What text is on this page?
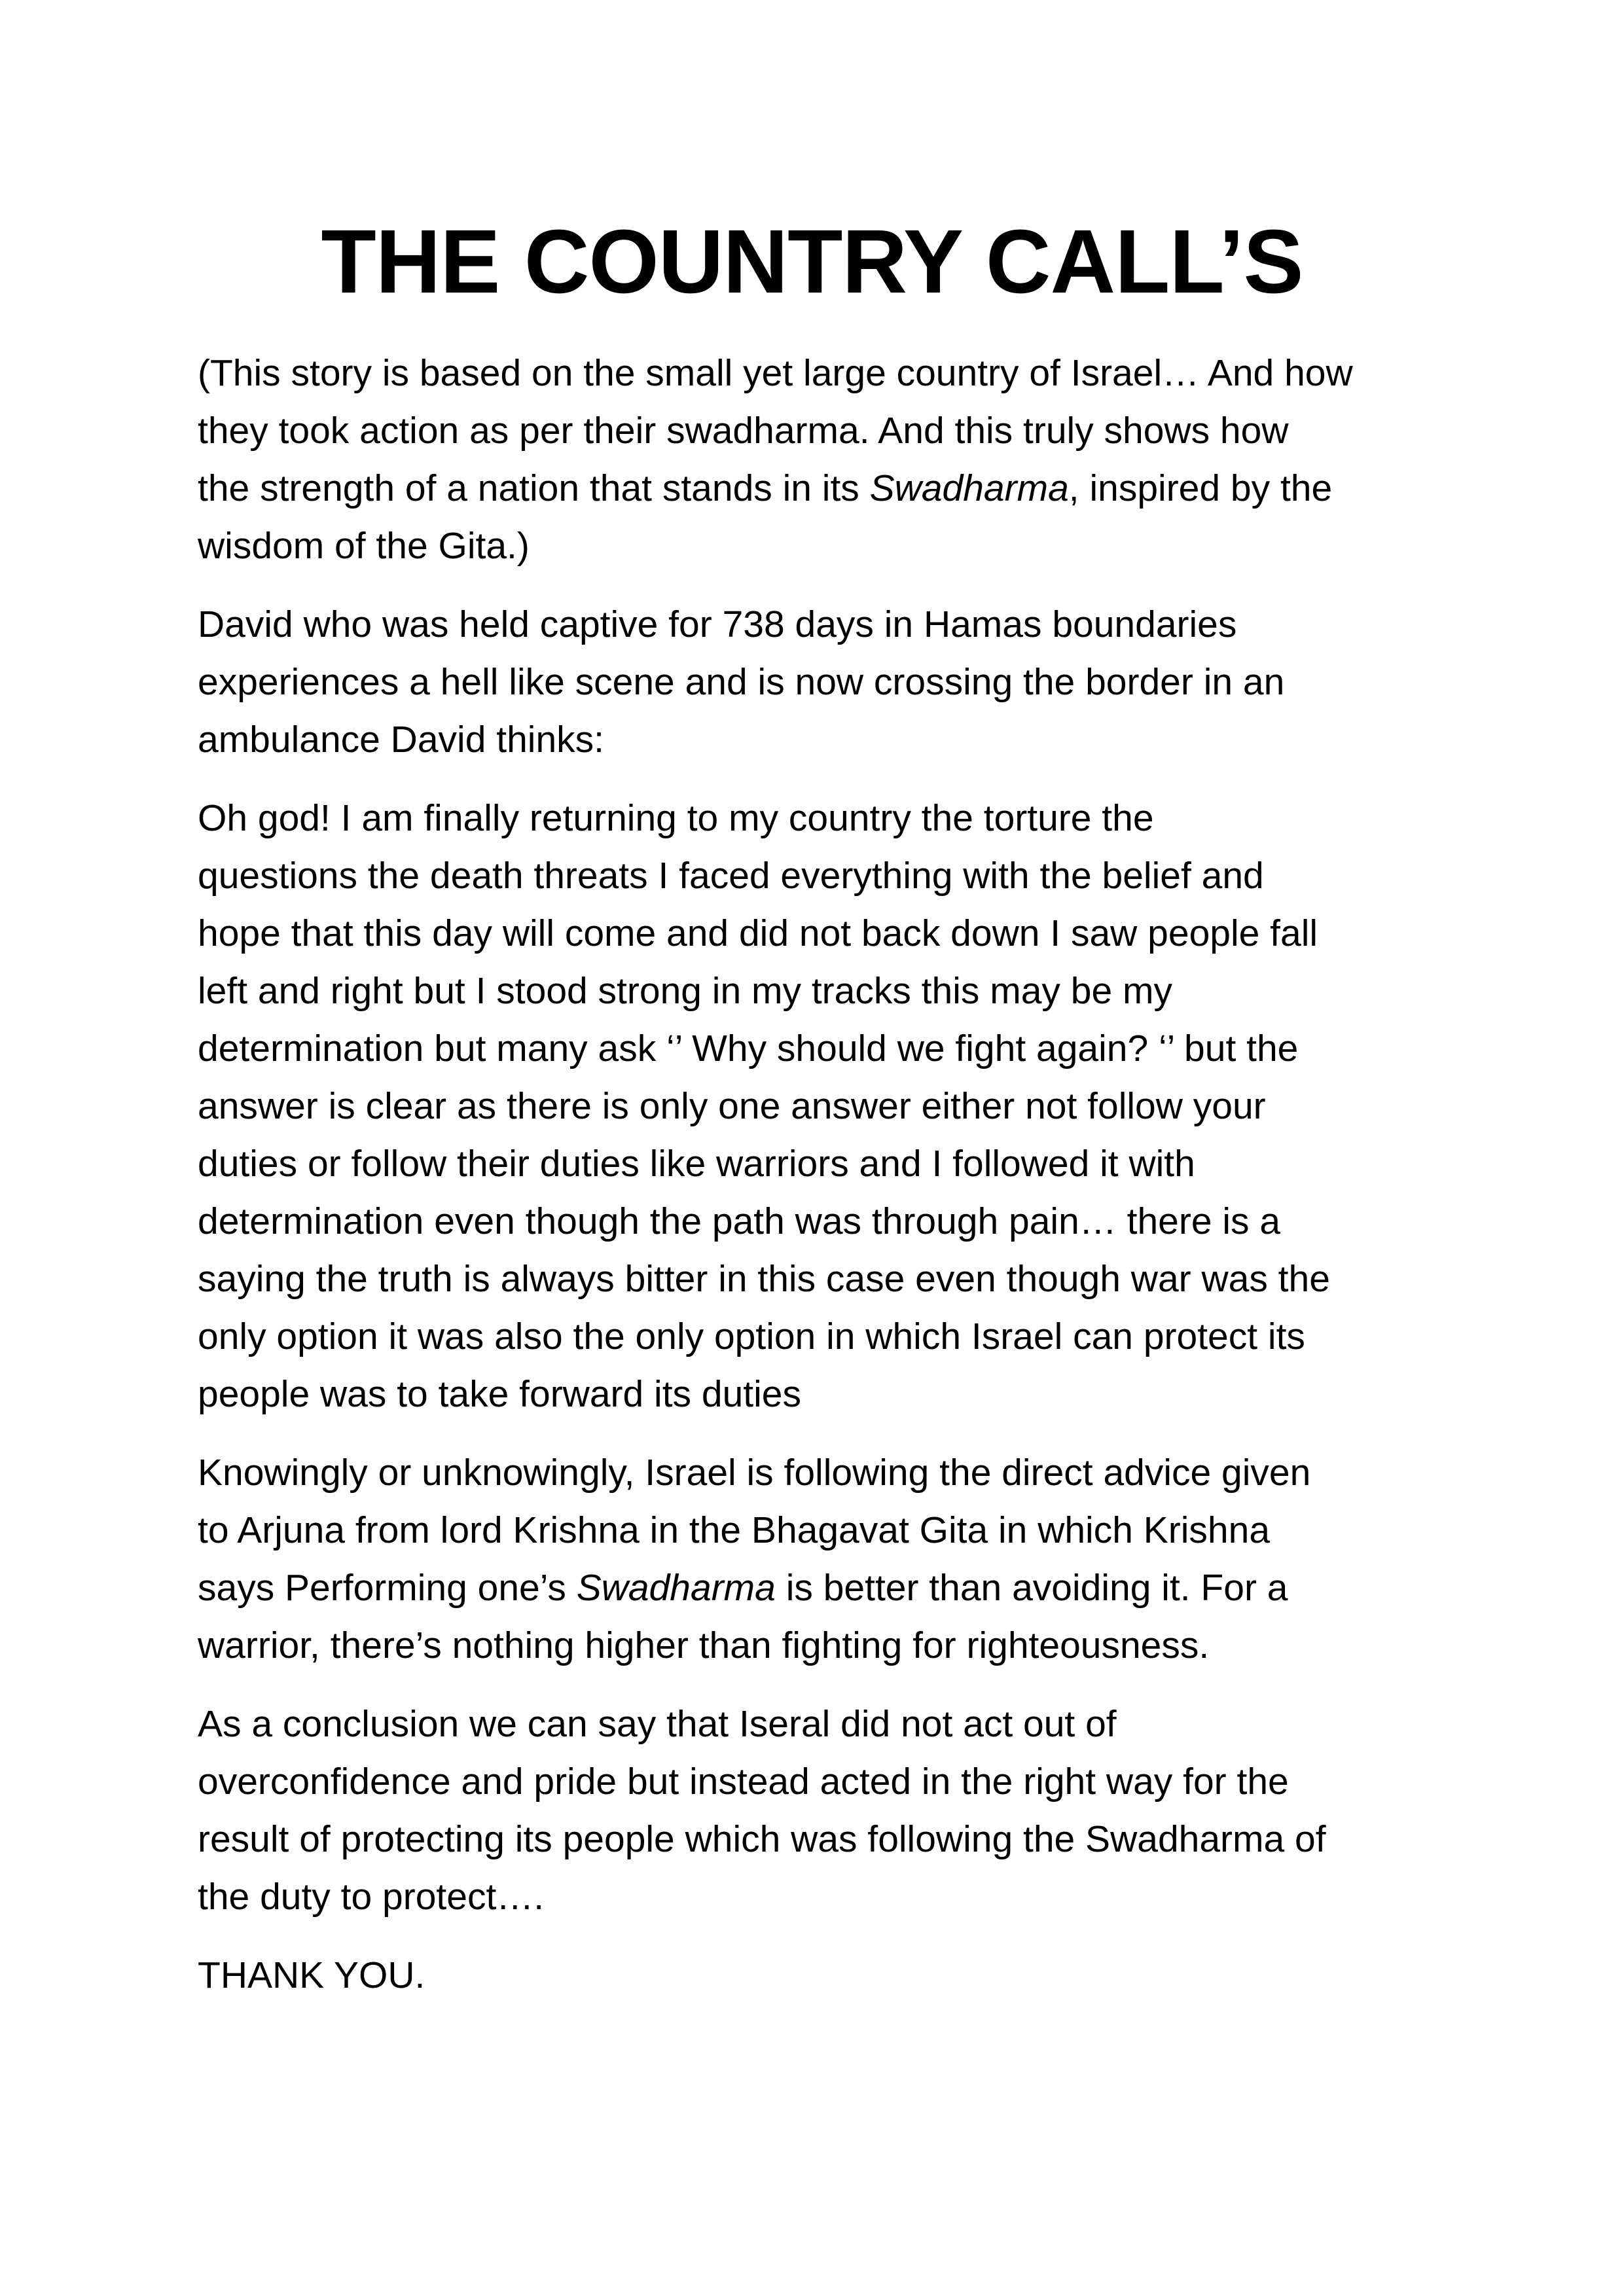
THE COUNTRY CALL’S

(This story is based on the small yet large country of Israel… And how
they took action as per their swadharma. And this truly shows how
the strength of a nation that stands in its Swadharma, inspired by the
wisdom of the Gita.)

David who was held captive for 738 days in Hamas boundaries
experiences a hell like scene and is now crossing the border in an
ambulance David thinks:

Oh god! I am finally returning to my country the torture the
questions the death threats I faced everything with the belief and
hope that this day will come and did not back down I saw people fall
left and right but I stood strong in my tracks this may be my
determination but many ask ‘’ Why should we fight again? ‘’ but the
answer is clear as there is only one answer either not follow your
duties or follow their duties like warriors and I followed it with
determination even though the path was through pain… there is a
saying the truth is always bitter in this case even though war was the
only option it was also the only option in which Israel can protect its
people was to take forward its duties

Knowingly or unknowingly, Israel is following the direct advice given
to Arjuna from lord Krishna in the Bhagavat Gita in which Krishna
says Performing one’s Swadharma is better than avoiding it. For a
warrior, there’s nothing higher than fighting for righteousness.

As a conclusion we can say that Iseral did not act out of
overconfidence and pride but instead acted in the right way for the
result of protecting its people which was following the Swadharma of
the duty to protect….

THANK YOU.
